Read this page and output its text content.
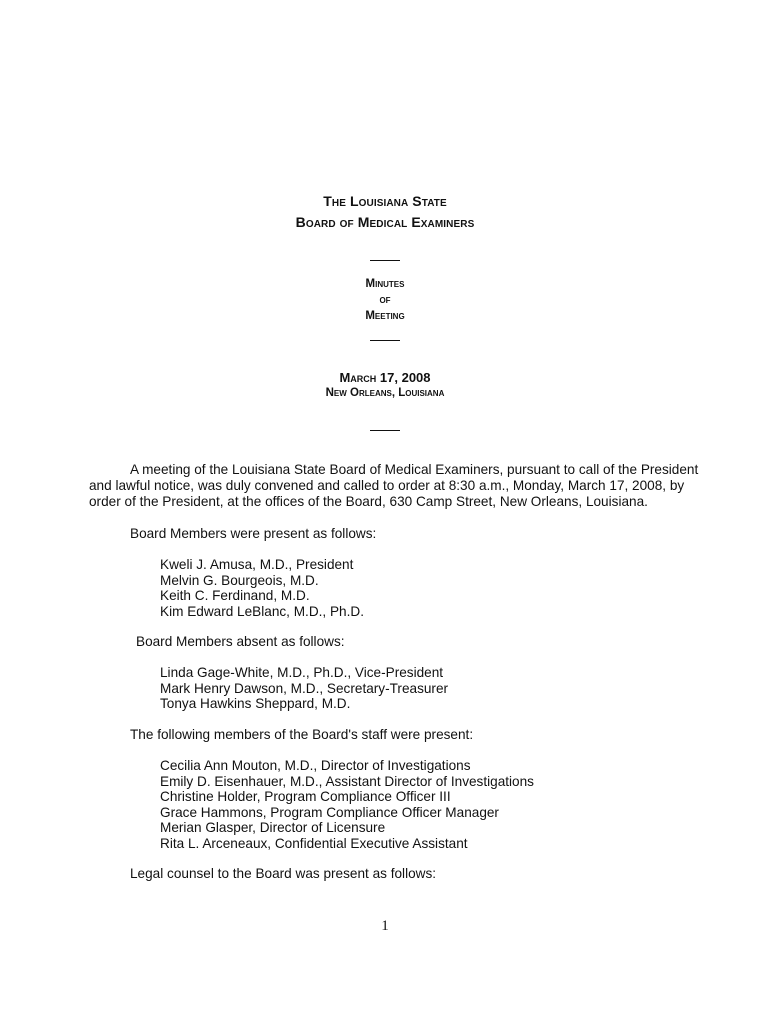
The Louisiana State
Board of Medical Examiners
Minutes
of
Meeting
March 17, 2008
New Orleans, Louisiana
A meeting of the Louisiana State Board of Medical Examiners, pursuant to call of the President
and lawful notice, was duly convened and called to order at 8:30 a.m., Monday, March 17, 2008, by
order of the President, at the offices of the Board, 630 Camp Street, New Orleans, Louisiana.
Board Members were present as follows:
Kweli J. Amusa, M.D., President
Melvin G. Bourgeois, M.D.
Keith C. Ferdinand, M.D.
Kim Edward LeBlanc, M.D., Ph.D.
Board Members absent as follows:
Linda Gage-White, M.D., Ph.D., Vice-President
Mark Henry Dawson, M.D., Secretary-Treasurer
Tonya Hawkins Sheppard, M.D.
The following members of the Board's staff were present:
Cecilia Ann Mouton, M.D., Director of Investigations
Emily D. Eisenhauer, M.D., Assistant Director of Investigations
Christine Holder, Program Compliance Officer III
Grace Hammons, Program Compliance Officer Manager
Merian Glasper, Director of Licensure
Rita L. Arceneaux, Confidential Executive Assistant
Legal counsel to the Board was present as follows:
1
